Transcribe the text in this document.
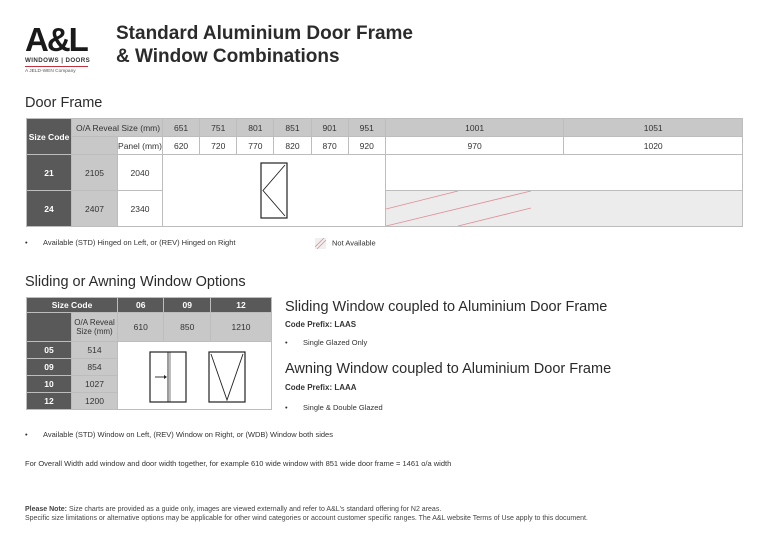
A&L
WINDOWS | DOORS
A JELD-WEN Company
Standard Aluminium Door Frame
& Window Combinations
Door Frame
Size Code	O/A Reveal Size (mm)		651	751	801	851	901	951	1001	1051
		Panel (mm)	620	720	770	820	870	920	970	1020
21	2105	2040	

24	2407	2340	
• Available (STD) Hinged on Left, or (REV) Hinged on Right	Not Available
Sliding or Awning Window Options
Size Code		06	09	12
	O/A Reveal Size (mm)	610	850	1210
05	514	

09	854			
10	1027			
12	1200			
Sliding Window coupled to Aluminium Door Frame
Code Prefix: LAAS
• Single Glazed Only
Awning Window coupled to Aluminium Door Frame
Code Prefix: LAAA
• Single & Double Glazed
• Available (STD) Window on Left, (REV) Window on Right, or (WDB) Window both sides
For Overall Width add window and door width together, for example 610 wide window with 851 wide door frame = 1461 o/a width
Please Note: Size charts are provided as a guide only, images are viewed externally and refer to A&L's standard offering for N2 areas.
Specific size limitations or alternative options may be applicable for other wind categories or account customer specific ranges. The A&L website Terms of Use apply to this document.
